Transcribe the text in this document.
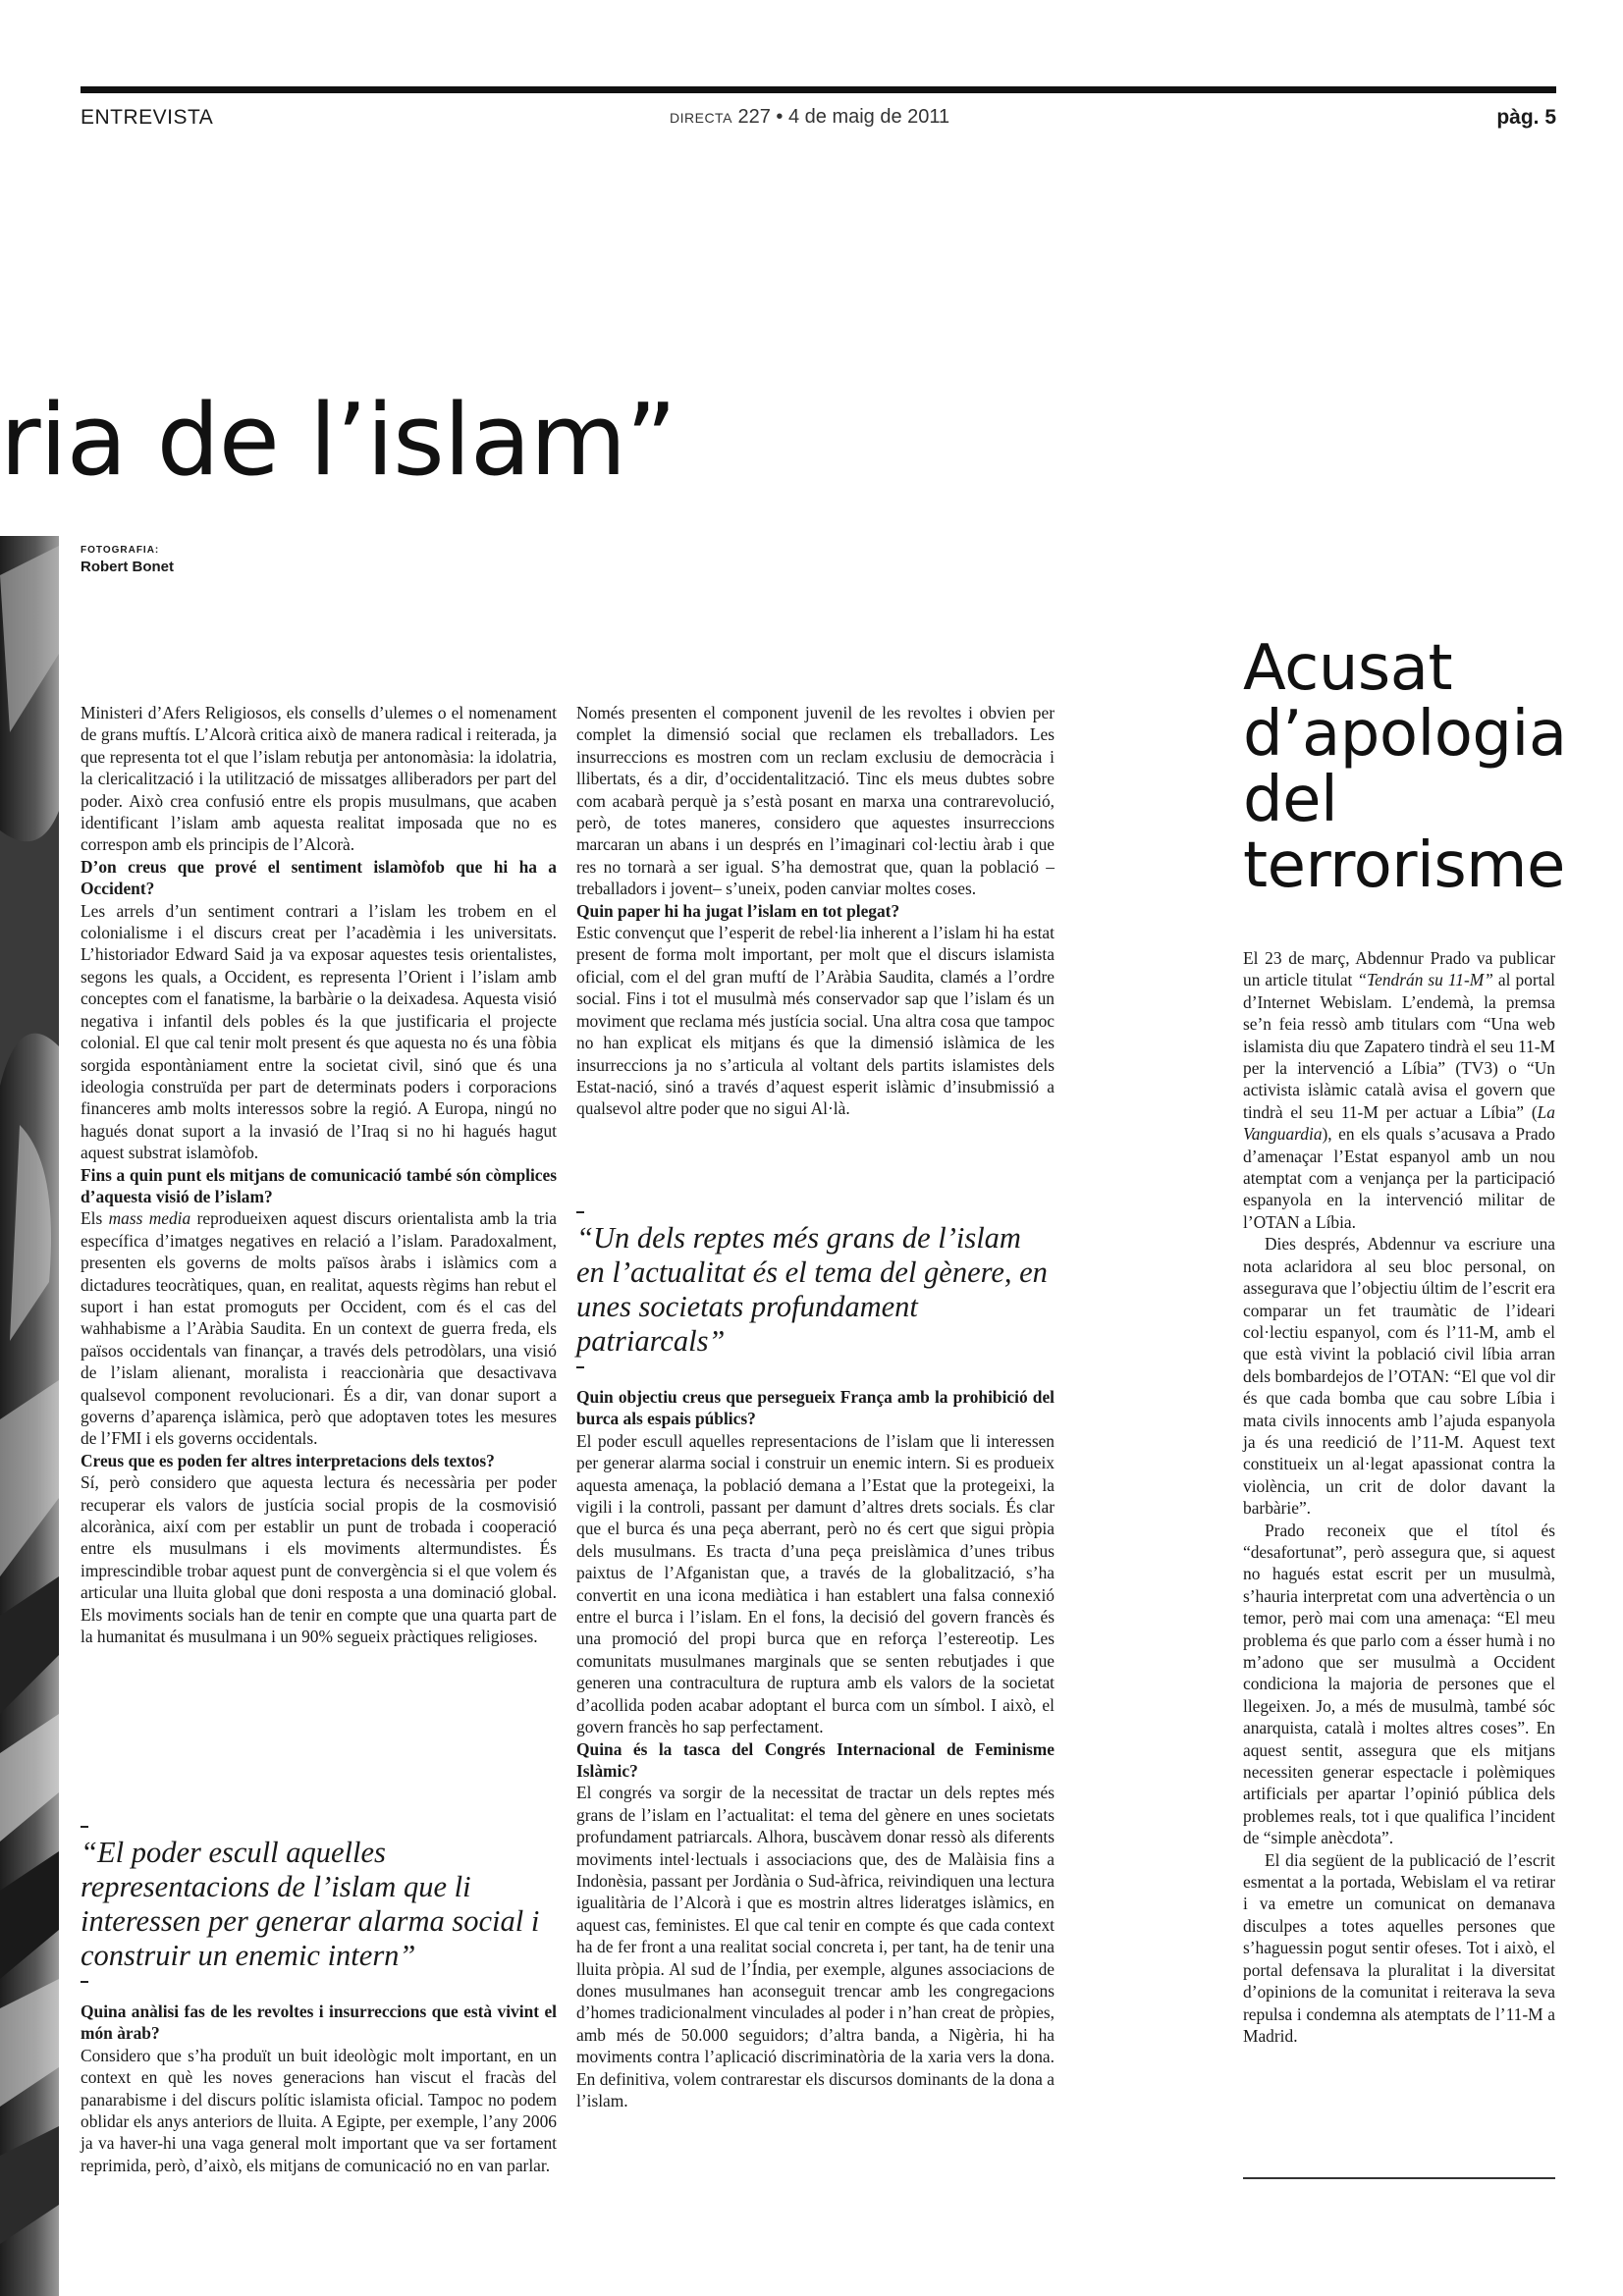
ENTREVISTA	DIRECTA 227 • 4 de maig de 2011	pàg. 5
ria de l’islam”
FOTOGRAFIA:
Robert Bonet

Ministeri d’Afers Religiosos, els consells d’ulemes o el nomenament de grans muftís. L’Alcorà critica això de manera radical i reiterada, ja que representa tot el que l’islam rebutja per antonomàsia: la idolatria, la clericalització i la utilització de missatges alliberadors per part del poder. Això crea confusió entre els propis musulmans, que acaben identificant l’islam amb aquesta realitat imposada que no es correspon amb els principis de l’Alcorà.

D’on creus que prové el sentiment islamòfob que hi ha a Occident?

Les arrels d’un sentiment contrari a l’islam les trobem en el colonialisme i el discurs creat per l’acadèmia i les universitats. L’historiador Edward Said ja va exposar aquestes tesis orientalistes, segons les quals, a Occident, es representa l’Orient i l’islam amb conceptes com el fanatisme, la barbàrie o la deixadesa. Aquesta visió negativa i infantil dels pobles és la que justificaria el projecte colonial. El que cal tenir molt present és que aquesta no és una fòbia sorgida espontàniament entre la societat civil, sinó que és una ideologia construïda per part de determinats poders i corporacions financeres amb molts interessos sobre la regió. A Europa, ningú no hagués donat suport a la invasió de l’Iraq si no hi hagués hagut aquest substrat islamòfob.

Fins a quin punt els mitjans de comunicació també són còmplices d’aquesta visió de l’islam?

Els mass media reprodueixen aquest discurs orientalista amb la tria específica d’imatges negatives en relació a l’islam. Paradoxalment, presenten els governs de molts països àrabs i islàmics com a dictadures teocràtiques, quan, en realitat, aquests règims han rebut el suport i han estat promoguts per Occident, com és el cas del wahhabisme a l’Aràbia Saudita. En un context de guerra freda, els països occidentals van finançar, a través dels petrodòlars, una visió de l’islam alienant, moralista i reaccionària que desactivava qualsevol component revolucionari. És a dir, van donar suport a governs d’aparença islàmica, però que adoptaven totes les mesures de l’FMI i els governs occidentals.

Creus que es poden fer altres interpretacions dels textos?

Sí, però considero que aquesta lectura és necessària per poder recuperar els valors de justícia social propis de la cosmovisió alcorànica, així com per establir un punt de trobada i cooperació entre els musulmans i els moviments altermundistes. És imprescindible trobar aquest punt de convergència si el que volem és articular una lluita global que doni resposta a una dominació global. Els moviments socials han de tenir en compte que una quarta part de la humanitat és musulmana i un 90% segueix pràctiques religioses.

“El poder escull aquelles representacions de l’islam que li interessen per generar alarma social i construir un enemic intern”

Quina anàlisi fas de les revoltes i insurreccions que està vivint el món àrab?

Considero que s’ha produït un buit ideològic molt important, en un context en què les noves generacions han viscut el fracàs del panarabisme i del discurs polític islamista oficial. Tampoc no podem oblidar els anys anteriors de lluita. A Egipte, per exemple, l’any 2006 ja va haver-hi una vaga general molt important que va ser fortament reprimida, però, d’això, els mitjans de comunicació no en van parlar.

Només presenten el component juvenil de les revoltes i obvien per complet la dimensió social que reclamen els treballadors. Les insurreccions es mostren com un reclam exclusiu de democràcia i llibertats, és a dir, d’occidentalització. Tinc els meus dubtes sobre com acabarà perquè ja s’està posant en marxa una contrarevolució, però, de totes maneres, considero que aquestes insurreccions marcaran un abans i un després en l’imaginari col·lectiu àrab i que res no tornarà a ser igual. S’ha demostrat que, quan la població –treballadors i jovent– s’uneix, poden canviar moltes coses.

Quin paper hi ha jugat l’islam en tot plegat?

Estic convençut que l’esperit de rebel·lia inherent a l’islam hi ha estat present de forma molt important, per molt que el discurs islamista oficial, com el del gran muftí de l’Aràbia Saudita, clamés a l’ordre social. Fins i tot el musulmà més conservador sap que l’islam és un moviment que reclama més justícia social. Una altra cosa que tampoc no han explicat els mitjans és que la dimensió islàmica de les insurreccions ja no s’articula al voltant dels partits islamistes dels Estat-nació, sinó a través d’aquest esperit islàmic d’insubmissió a qualsevol altre poder que no sigui Al·là.

“Un dels reptes més grans de l’islam en l’actualitat és el tema del gènere, en unes societats profundament patriarcals”

Quin objectiu creus que persegueix França amb la prohibició del burca als espais públics?

El poder escull aquelles representacions de l’islam que li interessen per generar alarma social i construir un enemic intern. Si es produeix aquesta amenaça, la població demana a l’Estat que la protegeixi, la vigili i la controli, passant per damunt d’altres drets socials. És clar que el burca és una peça aberrant, però no és cert que sigui pròpia dels musulmans. Es tracta d’una peça preislàmica d’unes tribus paixtus de l’Afganistan que, a través de la globalització, s’ha convertit en una icona mediàtica i han establert una falsa connexió entre el burca i l’islam. En el fons, la decisió del govern francès és una promoció del propi burca que en reforça l’estereotip. Les comunitats musulmanes marginals que se senten rebutjades i que generen una contracultura de ruptura amb els valors de la societat d’acollida poden acabar adoptant el burca com un símbol. I això, el govern francès ho sap perfectament.

Quina és la tasca del Congrés Internacional de Feminisme Islàmic?

El congrés va sorgir de la necessitat de tractar un dels reptes més grans de l’islam en l’actualitat: el tema del gènere en unes societats profundament patriarcals. Alhora, buscàvem donar ressò als diferents moviments intel·lectuals i associacions que, des de Malàisia fins a Indonèsia, passant per Jordània o Sud-àfrica, reivindiquen una lectura igualitària de l’Alcorà i que es mostrin altres lideratges islàmics, en aquest cas, feministes. El que cal tenir en compte és que cada context ha de fer front a una realitat social concreta i, per tant, ha de tenir una lluita pròpia. Al sud de l’Índia, per exemple, algunes associacions de dones musulmanes han aconseguit trencar amb les congregacions d’homes tradicionalment vinculades al poder i n’han creat de pròpies, amb més de 50.000 seguidors; d’altra banda, a Nigèria, hi ha moviments contra l’aplicació discriminatòria de la xaria vers la dona. En definitiva, volem contrarestar els discursos dominants de la dona a l’islam.

Acusat d’apologia del terrorisme

El 23 de març, Abdennur Prado va publicar un article titulat “Tendrán su 11-M” al portal d’Internet Webislam. L’endemà, la premsa se’n feia ressò amb titulars com “Una web islamista diu que Zapatero tindrà el seu 11-M per la intervenció a Líbia” (TV3) o “Un activista islàmic català avisa el govern que tindrà el seu 11-M per actuar a Líbia” (La Vanguardia), en els quals s’acusava a Prado d’amenaçar l’Estat espanyol amb un nou atemptat com a venjança per la participació espanyola en la intervenció militar de l’OTAN a Líbia.

Dies després, Abdennur va escriure una nota aclaridora al seu bloc personal, on assegurava que l’objectiu últim de l’escrit era comparar un fet traumàtic de l’ideari col·lectiu espanyol, com és l’11-M, amb el que està vivint la població civil líbia arran dels bombardejos de l’OTAN: “El que vol dir és que cada bomba que cau sobre Líbia i mata civils innocents amb l’ajuda espanyola ja és una reedició de l’11-M. Aquest text constitueix un al·legat apassionat contra la violència, un crit de dolor davant la barbàrie”.

Prado reconeix que el títol és “desafortunat”, però assegura que, si aquest no hagués estat escrit per un musulmà, s’hauria interpretat com una advertència o un temor, però mai com una amenaça: “El meu problema és que parlo com a ésser humà i no m’adono que ser musulmà a Occident condiciona la majoria de persones que el llegeixen. Jo, a més de musulmà, també sóc anarquista, català i moltes altres coses”. En aquest sentit, assegura que els mitjans necessiten generar espectacle i polèmiques artificials per apartar l’opinió pública dels problemes reals, tot i que qualifica l’incident de “simple anècdota”.

El dia següent de la publicació de l’escrit esmentat a la portada, Webislam el va retirar i va emetre un comunicat on demanava disculpes a totes aquelles persones que s’haguessin pogut sentir ofeses. Tot i això, el portal defensava la pluralitat i la diversitat d’opinions de la comunitat i reiterava la seva repulsa i condemna als atemptats de l’11-M a Madrid.
